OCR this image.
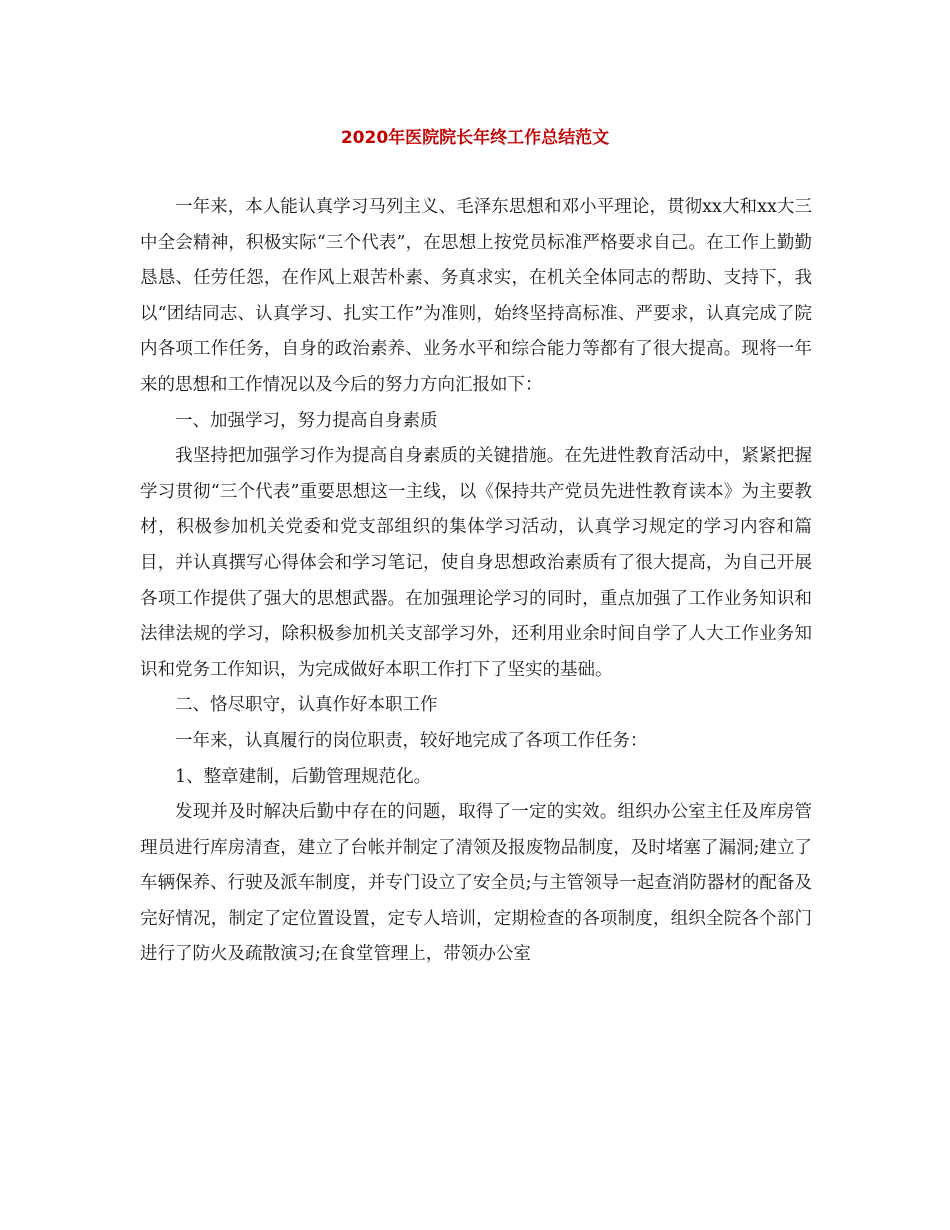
2020年医院院长年终工作总结范文

一年来，本人能认真学习马列主义、毛泽东思想和邓小平理论，贯彻xx大和xx大三中全会精神，积极实际“三个代表”，在思想上按党员标准严格要求自己。在工作上勤勤恳恳、任劳任怨，在作风上艰苦朴素、务真求实，在机关全体同志的帮助、支持下，我以“团结同志、认真学习、扎实工作”为准则，始终坚持高标准、严要求，认真完成了院内各项工作任务，自身的政治素养、业务水平和综合能力等都有了很大提高。现将一年来的思想和工作情况以及今后的努力方向汇报如下：

一、加强学习，努力提高自身素质

我坚持把加强学习作为提高自身素质的关键措施。在先进性教育活动中，紧紧把握学习贯彻“三个代表”重要思想这一主线，以《保持共产党员先进性教育读本》为主要教材，积极参加机关党委和党支部组织的集体学习活动，认真学习规定的学习内容和篇目，并认真撰写心得体会和学习笔记，使自身思想政治素质有了很大提高，为自己开展各项工作提供了强大的思想武器。在加强理论学习的同时，重点加强了工作业务知识和法律法规的学习，除积极参加机关支部学习外，还利用业余时间自学了人大工作业务知识和党务工作知识，为完成做好本职工作打下了坚实的基础。

二、恪尽职守，认真作好本职工作

一年来，认真履行的岗位职责，较好地完成了各项工作任务：

1、整章建制，后勤管理规范化。

发现并及时解决后勤中存在的问题，取得了一定的实效。组织办公室主任及库房管理员进行库房清查，建立了台帐并制定了清领及报废物品制度，及时堵塞了漏洞;建立了车辆保养、行驶及派车制度，并专门设立了安全员;与主管领导一起查消防器材的配备及完好情况，制定了定位置设置，定专人培训，定期检查的各项制度，组织全院各个部门进行了防火及疏散演习;在食堂管理上，带领办公室
